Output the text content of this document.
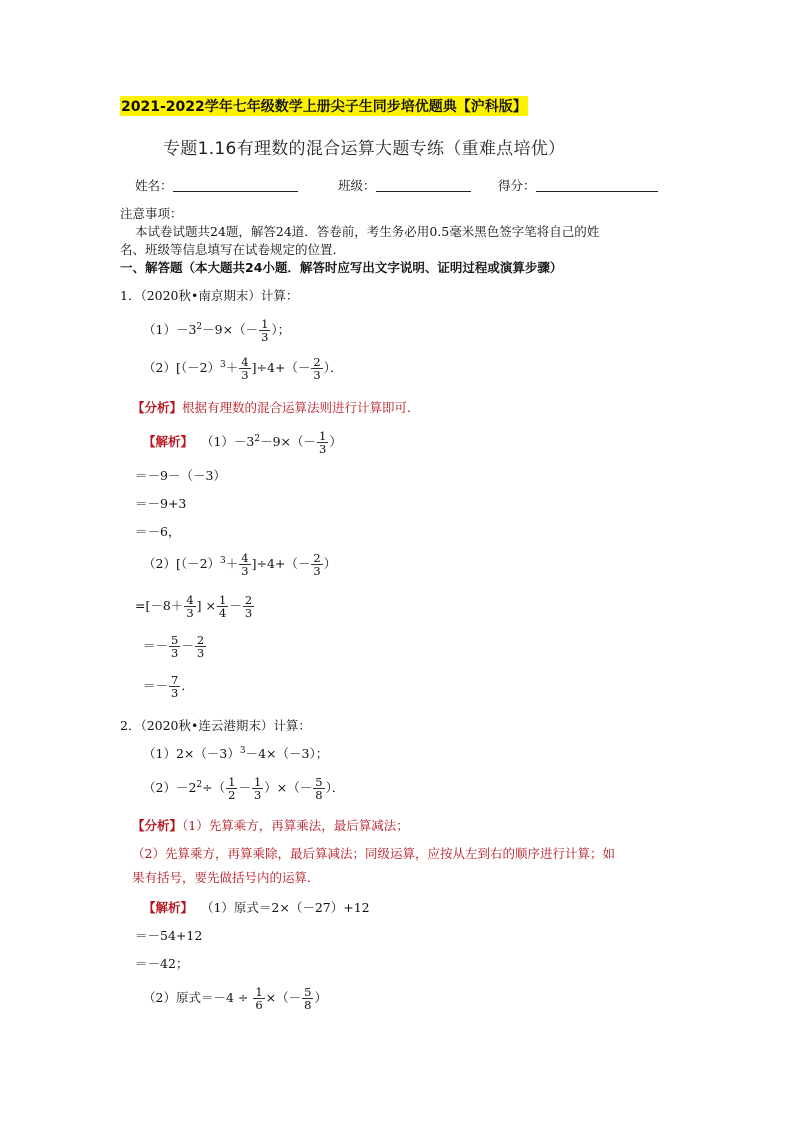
2021-2022学年七年级数学上册尖子生同步培优题典【沪科版】
专题1.16有理数的混合运算大题专练（重难点培优）
姓名：	班级：	得分：
注意事项：
本试卷试题共24题，解答24道．答卷前，考生务必用0.5毫米黑色签字笔将自己的姓
名、班级等信息填写在试卷规定的位置．
一、解答题（本大题共24小题．解答时应写出文字说明、证明过程或演算步骤）
1．（2020秋•南京期末）计算：
$(1)-3^2-9\times(- \frac{1}{3}$ ）；
$(2)[(-2)^3+ \frac{4}{3} ]\div 4+(- \frac{2}{3}$ ）．
【分析】根据有理数的混合运算法则进行计算即可．
【解析】 $(1)-3^2-9\times(- \frac{1}{3}$ ）
＝－9－（－3）
＝－9+3
＝－6，
$(2)[(-2)^3+ \frac{4}{3} ]\div 4+(- \frac{2}{3}$ ）
$=[-8+ \frac{4}{3}$ ] × $\frac{1}{4} - \frac{2}{3}$
＝－ $\frac{5}{3} - \frac{2}{3}$
＝－ $\frac{7}{3}$ ．
2．（2020秋•连云港期末）计算：
$(1)2\times(-3)^3-4\times(-3)$；
$(2)-2^2\div( \frac{1}{2} - \frac{1}{3}$ ）×（－ $\frac{5}{8}$ ）．
【分析】（1）先算乘方，再算乘法，最后算减法；
（2）先算乘方，再算乘除，最后算减法；同级运算，应按从左到右的顺序进行计算；如
果有括号，要先做括号内的运算．
【解析】 （1）原式＝2×（－27）+12
＝－54+12
＝－42；
（2）原式$=-4 \div \frac{1}{6}$ ×（－ $\frac{5}{8}$ ）
